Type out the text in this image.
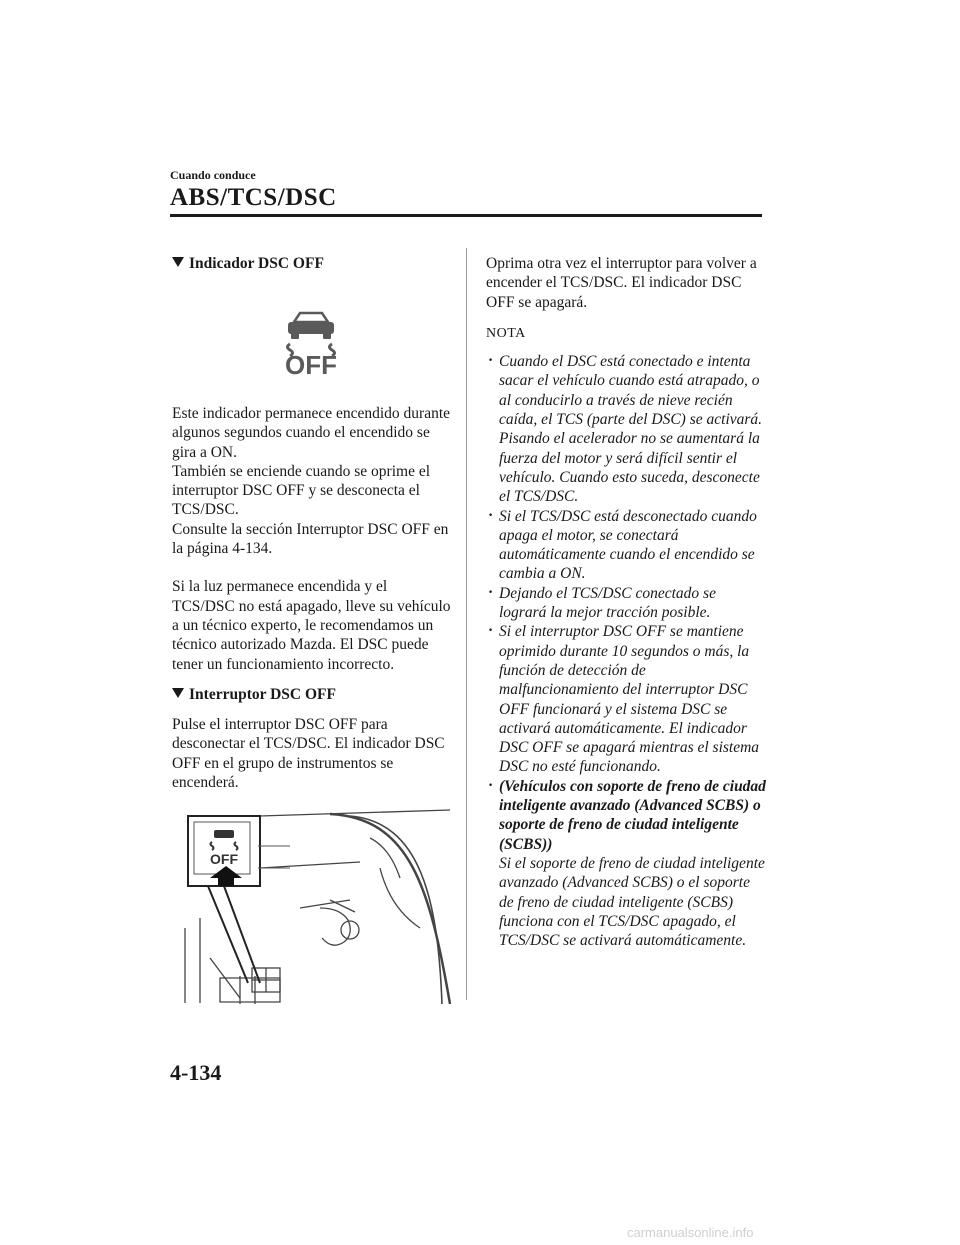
Cuando conduce
ABS/TCS/DSC

Indicador DSC OFF

OFF

Este indicador permanece encendido durante algunos segundos cuando el encendido se gira a ON.

También se enciende cuando se oprime el interruptor DSC OFF y se desconecta el TCS/DSC.

Consulte la sección Interruptor DSC OFF en la página 4-134.

Si la luz permanece encendida y el TCS/DSC no está apagado, lleve su vehículo a un técnico experto, le recomendamos un técnico autorizado Mazda. El DSC puede tener un funcionamiento incorrecto.

Interruptor DSC OFF

Pulse el interruptor DSC OFF para desconectar el TCS/DSC. El indicador DSC OFF en el grupo de instrumentos se encenderá.

OFF

Oprima otra vez el interruptor para volver a encender el TCS/DSC. El indicador DSC OFF se apagará.

NOTA

· Cuando el DSC está conectado e intenta sacar el vehículo cuando está atrapado, o al conducirlo a través de nieve recién caída, el TCS (parte del DSC) se activará. Pisando el acelerador no se aumentará la fuerza del motor y será difícil sentir el vehículo. Cuando esto suceda, desconecte el TCS/DSC.
· Si el TCS/DSC está desconectado cuando apaga el motor, se conectará automáticamente cuando el encendido se cambia a ON.
· Dejando el TCS/DSC conectado se logrará la mejor tracción posible.
· Si el interruptor DSC OFF se mantiene oprimido durante 10 segundos o más, la función de detección de malfuncionamiento del interruptor DSC OFF funcionará y el sistema DSC se activará automáticamente. El indicador DSC OFF se apagará mientras el sistema DSC no esté funcionando.
· (Vehículos con soporte de freno de ciudad inteligente avanzado (Advanced SCBS) o soporte de freno de ciudad inteligente (SCBS))
Si el soporte de freno de ciudad inteligente avanzado (Advanced SCBS) o el soporte de freno de ciudad inteligente (SCBS) funciona con el TCS/DSC apagado, el TCS/DSC se activará automáticamente.
4-134
carmanualsonline.info
